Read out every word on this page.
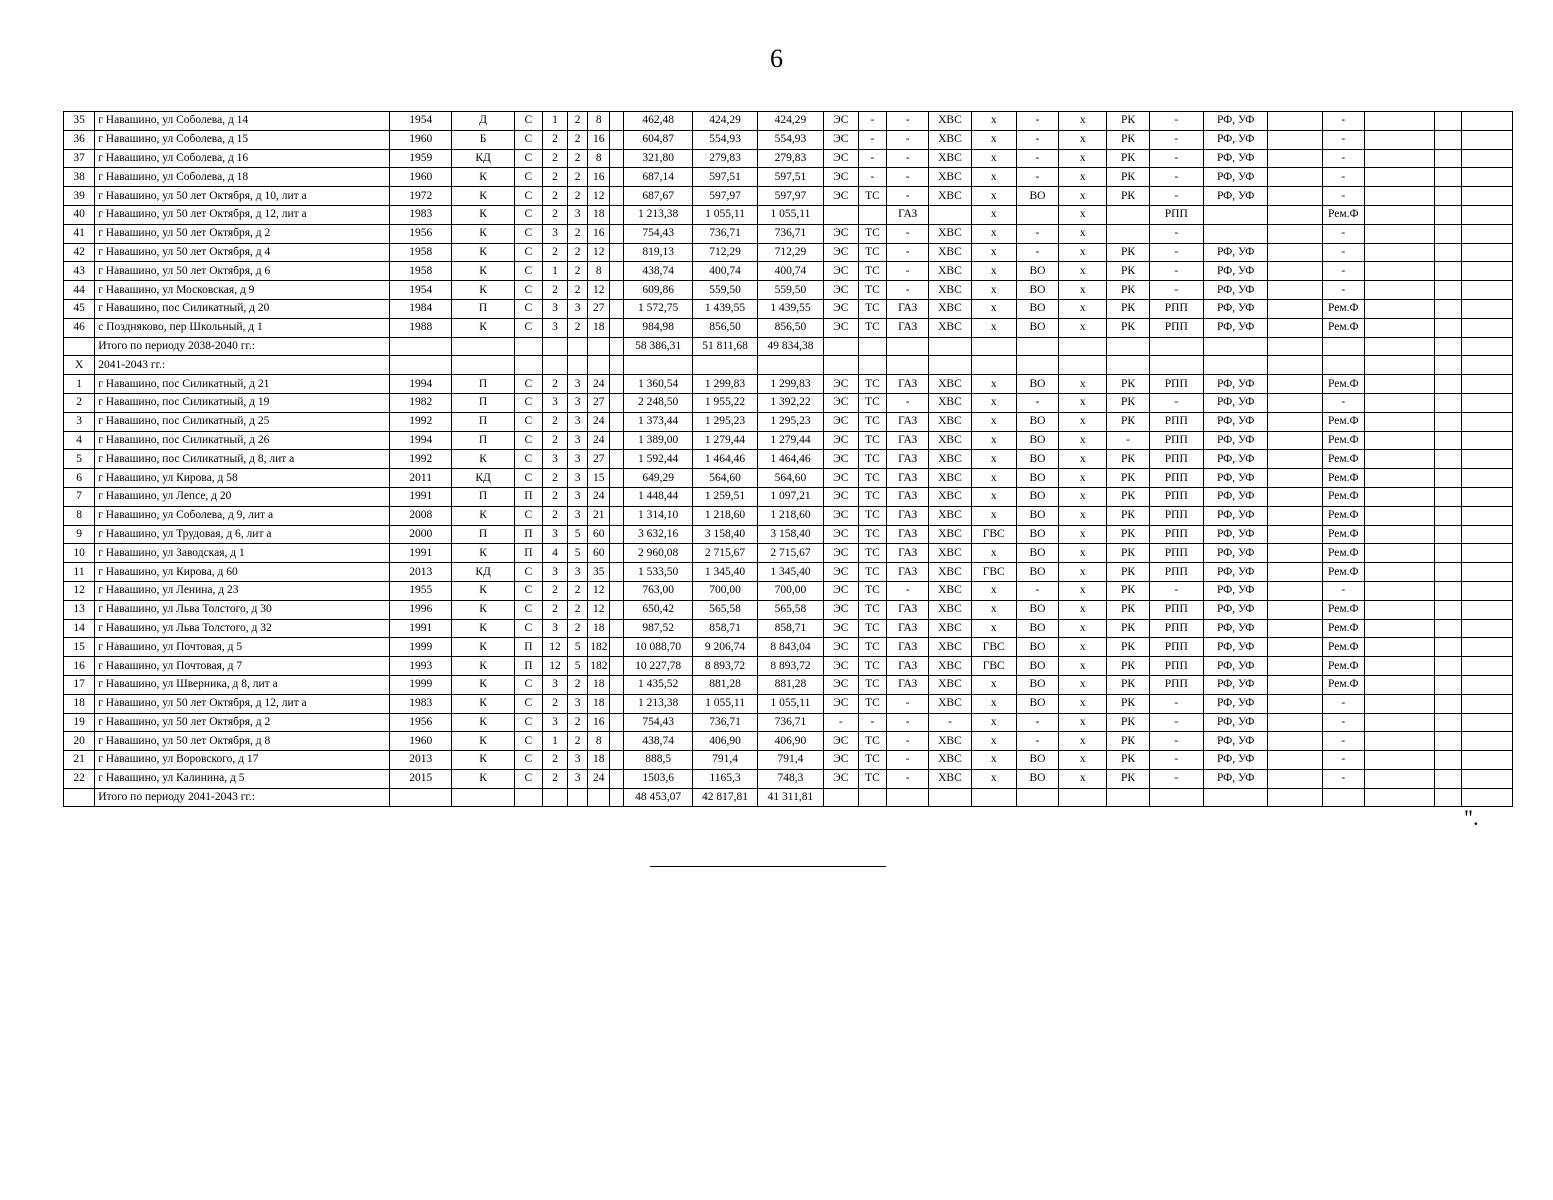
6
35	г Навашино, ул Соболева, д 14	1954	Д	С	1	2	8		462,48	424,29	424,29	ЭС	-	-	ХВС	х	-	х	РК	-	РФ, УФ		-			
36	г Навашино, ул Соболева, д 15	1960	Б	С	2	2	16		604,87	554,93	554,93	ЭС	-	-	ХВС	х	-	х	РК	-	РФ, УФ		-			
37	г Навашино, ул Соболева, д 16	1959	КД	С	2	2	8		321,80	279,83	279,83	ЭС	-	-	ХВС	х	-	х	РК	-	РФ, УФ		-			
38	г Навашино, ул Соболева, д 18	1960	К	С	2	2	16		687,14	597,51	597,51	ЭС	-	-	ХВС	х	-	х	РК	-	РФ, УФ		-			
39	г Навашино, ул 50 лет Октября, д 10, лит а	1972	К	С	2	2	12		687,67	597,97	597,97	ЭС	ТС	-	ХВС	х	ВО	х	РК	-	РФ, УФ		-			
40	г Навашино, ул 50 лет Октября, д 12, лит а	1983	К	С	2	3	18		1 213,38	1 055,11	1 055,11			ГАЗ		х		х		РПП			Рем.Ф			
41	г Навашино, ул 50 лет Октября, д 2	1956	К	С	3	2	16		754,43	736,71	736,71	ЭС	ТС	-	ХВС	х	-	х		-			-			
42	г Навашино, ул 50 лет Октября, д 4	1958	К	С	2	2	12		819,13	712,29	712,29	ЭС	ТС	-	ХВС	х	-	х	РК	-	РФ, УФ		-			
43	г Навашино, ул 50 лет Октября, д 6	1958	К	С	1	2	8		438,74	400,74	400,74	ЭС	ТС	-	ХВС	х	ВО	х	РК	-	РФ, УФ		-			
44	г Навашино, ул Московская, д 9	1954	К	С	2	2	12		609,86	559,50	559,50	ЭС	ТС	-	ХВС	х	ВО	х	РК	-	РФ, УФ		-			
45	г Навашино, пос Силикатный, д 20	1984	П	С	3	3	27		1 572,75	1 439,55	1 439,55	ЭС	ТС	ГАЗ	ХВС	х	ВО	х	РК	РПП	РФ, УФ		Рем.Ф			
46	с Поздняково, пер Школьный, д 1	1988	К	С	3	2	18		984,98	856,50	856,50	ЭС	ТС	ГАЗ	ХВС	х	ВО	х	РК	РПП	РФ, УФ		Рем.Ф			
	Итого по периоду 2038-2040 гг.:								58 386,31	51 811,68	49 834,38															
X	2041-2043 гг.:																									
1	г Навашино, пос Силикатный, д 21	1994	П	С	2	3	24		1 360,54	1 299,83	1 299,83	ЭС	ТС	ГАЗ	ХВС	х	ВО	х	РК	РПП	РФ, УФ		Рем.Ф			
2	г Навашино, пос Силикатный, д 19	1982	П	С	3	3	27		2 248,50	1 955,22	1 392,22	ЭС	ТС	-	ХВС	х	-	х	РК	-	РФ, УФ		-			
3	г Навашино, пос Силикатный, д 25	1992	П	С	2	3	24		1 373,44	1 295,23	1 295,23	ЭС	ТС	ГАЗ	ХВС	х	ВО	х	РК	РПП	РФ, УФ		Рем.Ф			
4	г Навашино, пос Силикатный, д 26	1994	П	С	2	3	24		1 389,00	1 279,44	1 279,44	ЭС	ТС	ГАЗ	ХВС	х	ВО	х	-	РПП	РФ, УФ		Рем.Ф			
5	г Навашино, пос Силикатный, д 8, лит а	1992	К	С	3	3	27		1 592,44	1 464,46	1 464,46	ЭС	ТС	ГАЗ	ХВС	х	ВО	х	РК	РПП	РФ, УФ		Рем.Ф			
6	г Навашино, ул Кирова, д 58	2011	КД	С	2	3	15		649,29	564,60	564,60	ЭС	ТС	ГАЗ	ХВС	х	ВО	х	РК	РПП	РФ, УФ		Рем.Ф			
7	г Навашино, ул Лепсе, д 20	1991	П	П	2	3	24		1 448,44	1 259,51	1 097,21	ЭС	ТС	ГАЗ	ХВС	х	ВО	х	РК	РПП	РФ, УФ		Рем.Ф			
8	г Навашино, ул Соболева, д 9, лит а	2008	К	С	2	3	21		1 314,10	1 218,60	1 218,60	ЭС	ТС	ГАЗ	ХВС	х	ВО	х	РК	РПП	РФ, УФ		Рем.Ф			
9	г Навашино, ул Трудовая, д 6, лит а	2000	П	П	3	5	60		3 632,16	3 158,40	3 158,40	ЭС	ТС	ГАЗ	ХВС	ГВС	ВО	х	РК	РПП	РФ, УФ		Рем.Ф			
10	г Навашино, ул Заводская, д 1	1991	К	П	4	5	60		2 960,08	2 715,67	2 715,67	ЭС	ТС	ГАЗ	ХВС	х	ВО	х	РК	РПП	РФ, УФ		Рем.Ф			
11	г Навашино, ул Кирова, д 60	2013	КД	С	3	3	35		1 533,50	1 345,40	1 345,40	ЭС	ТС	ГАЗ	ХВС	ГВС	ВО	х	РК	РПП	РФ, УФ		Рем.Ф			
12	г Навашино, ул Ленина, д 23	1955	К	С	2	2	12		763,00	700,00	700,00	ЭС	ТС	-	ХВС	х	-	х	РК	-	РФ, УФ		-			
13	г Навашино, ул Льва Толстого, д 30	1996	К	С	2	2	12		650,42	565,58	565,58	ЭС	ТС	ГАЗ	ХВС	х	ВО	х	РК	РПП	РФ, УФ		Рем.Ф			
14	г Навашино, ул Льва Толстого, д 32	1991	К	С	3	2	18		987,52	858,71	858,71	ЭС	ТС	ГАЗ	ХВС	х	ВО	х	РК	РПП	РФ, УФ		Рем.Ф			
15	г Навашино, ул Почтовая, д 5	1999	К	П	12	5	182		10 088,70	9 206,74	8 843,04	ЭС	ТС	ГАЗ	ХВС	ГВС	ВО	х	РК	РПП	РФ, УФ		Рем.Ф			
16	г Навашино, ул Почтовая, д 7	1993	К	П	12	5	182		10 227,78	8 893,72	8 893,72	ЭС	ТС	ГАЗ	ХВС	ГВС	ВО	х	РК	РПП	РФ, УФ		Рем.Ф			
17	г Навашино, ул Шверника, д 8, лит а	1999	К	С	3	2	18		1 435,52	881,28	881,28	ЭС	ТС	ГАЗ	ХВС	х	ВО	х	РК	РПП	РФ, УФ		Рем.Ф			
18	г Навашино, ул 50 лет Октября, д 12, лит а	1983	К	С	2	3	18		1 213,38	1 055,11	1 055,11	ЭС	ТС	-	ХВС	х	ВО	х	РК	-	РФ, УФ		-			
19	г Навашино, ул 50 лет Октября, д 2	1956	К	С	3	2	16		754,43	736,71	736,71	-	-	-	-	х	-	х	РК	-	РФ, УФ		-			
20	г Навашино, ул 50 лет Октября, д 8	1960	К	С	1	2	8		438,74	406,90	406,90	ЭС	ТС	-	ХВС	х	-	х	РК	-	РФ, УФ		-			
21	г Навашино, ул Воровского, д 17	2013	К	С	2	3	18		888,5	791,4	791,4	ЭС	ТС	-	ХВС	х	ВО	х	РК	-	РФ, УФ		-			
22	г Навашино, ул Калинина, д 5	2015	К	С	2	3	24		1503,6	1165,3	748,3	ЭС	ТС	-	ХВС	х	ВО	х	РК	-	РФ, УФ		-			
	Итого по периоду 2041-2043 гг.:								48 453,07	42 817,81	41 311,81															
".
